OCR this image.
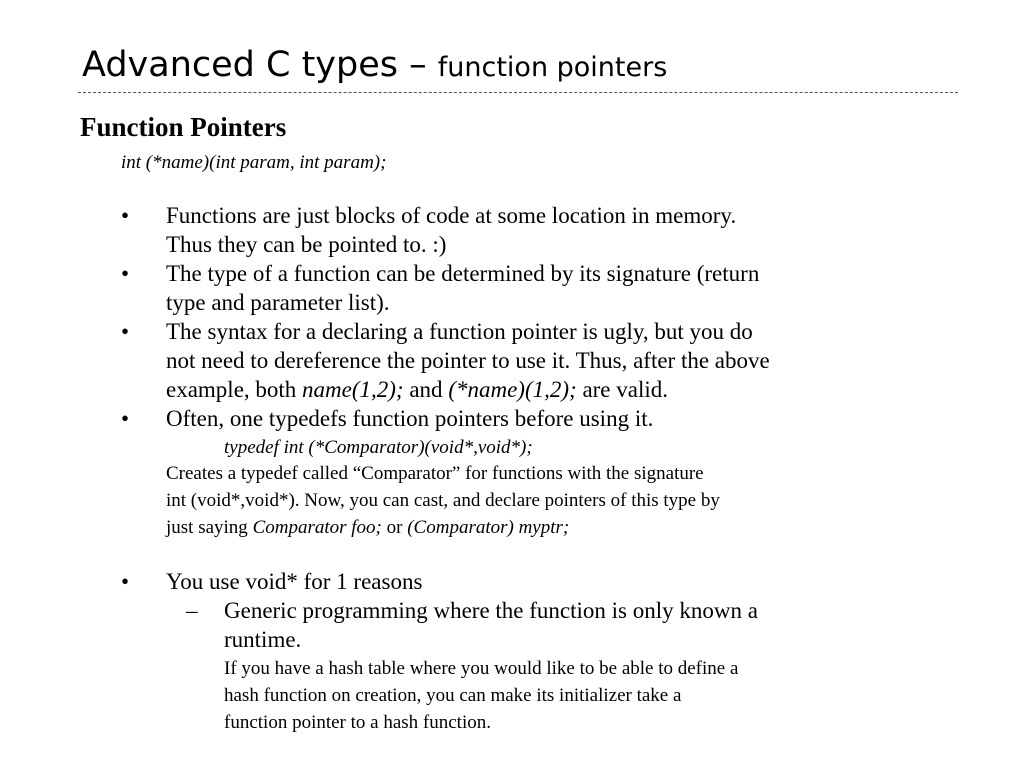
Advanced C types – function pointers
Function Pointers
int (*name)(int param, int param);
• Functions are just blocks of code at some location in memory.
Thus they can be pointed to. :)
• The type of a function can be determined by its signature (return
type and parameter list).
• The syntax for a declaring a function pointer is ugly, but you do
not need to dereference the pointer to use it. Thus, after the above
example, both name(1,2); and (*name)(1,2); are valid.
• Often, one typedefs function pointers before using it.
typedef int (*Comparator)(void*,void*);
Creates a typedef called “Comparator” for functions with the signature
int (void*,void*). Now, you can cast, and declare pointers of this type by
just saying Comparator foo; or (Comparator) myptr;
• You use void* for 1 reasons
– Generic programming where the function is only known a
runtime.
If you have a hash table where you would like to be able to define a
hash function on creation, you can make its initializer take a
function pointer to a hash function.
